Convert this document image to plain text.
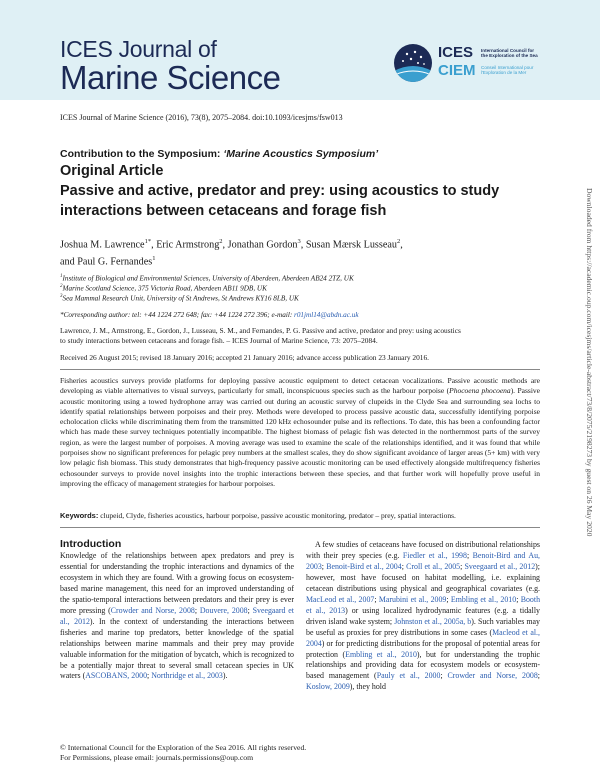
ICES Journal of
Marine Science
ICES
CIEM
International Council for
the Exploration of the Sea
Conseil International pour
l'Exploration de la Mer
ICES Journal of Marine Science (2016), 73(8), 2075–2084. doi:10.1093/icesjms/fsw013
Contribution to the Symposium: ‘Marine Acoustics Symposium’
Original Article
Passive and active, predator and prey: using acoustics to study interactions between cetaceans and forage fish
Joshua M. Lawrence$^{1*}$, Eric Armstrong$^2$, Jonathan Gordon$^3$, Susan Mærsk Lusseau$^2$,
and Paul G. Fernandes$^1$
$^1$Institute of Biological and Environmental Sciences, University of Aberdeen, Aberdeen AB24 2TZ, UK
$^2$Marine Scotland Science, 375 Victoria Road, Aberdeen AB11 9DB, UK
$^3$Sea Mammal Research Unit, University of St Andrews, St Andrews KY16 8LB, UK
*Corresponding author: tel: +44 1224 272 648; fax: +44 1224 272 396; e-mail: r01jml14@abdn.ac.uk
Lawrence, J. M., Armstrong, E., Gordon, J., Lusseau, S. M., and Fernandes, P. G. Passive and active, predator and prey: using acoustics
to study interactions between cetaceans and forage fish. – ICES Journal of Marine Science, 73: 2075–2084.
Received 26 August 2015; revised 18 January 2016; accepted 21 January 2016; advance access publication 23 January 2016.
Fisheries acoustics surveys provide platforms for deploying passive acoustic equipment to detect cetacean vocalizations. Passive acoustic methods are developing as viable alternatives to visual surveys, particularly for small, inconspicuous species such as the harbour porpoise (Phocoena phocoena). Passive acoustic monitoring using a towed hydrophone array was carried out during an acoustic survey of clupeids in the Clyde Sea and surrounding sea lochs to identify spatial relationships between porpoises and their prey. Methods were developed to process passive acoustic data, successfully identifying porpoise echolocation clicks while discriminating them from the transmitted 120 kHz echosounder pulse and its reflections. To date, this has been a confounding factor which has made these survey techniques potentially incompatible. The highest biomass of pelagic fish was detected in the northernmost parts of the survey region, as were the largest number of porpoises. A moving average was used to examine the scale of the relationships identified, and it was found that while porpoises show no significant preferences for pelagic prey numbers at the smallest scales, they do show significant avoidance of larger areas (5+ km) with very low pelagic fish biomass. This study demonstrates that high-frequency passive acoustic monitoring can be used effectively alongside multifrequency fisheries echosounder surveys to provide novel insights into the trophic interactions between these species, and that further work will hopefully prove useful in improving the efficacy of management strategies for harbour porpoises.
Keywords: clupeid, Clyde, fisheries acoustics, harbour porpoise, passive acoustic monitoring, predator – prey, spatial interactions.
Introduction

Knowledge of the relationships between apex predators and prey is essential for understanding the trophic interactions and dynamics of the ecosystem in which they are found. With a growing focus on ecosystem-based marine management, this need for an improved understanding of the spatio-temporal interactions between predators and their prey is ever more pressing (Crowder and Norse, 2008; Douvere, 2008; Sveegaard et al., 2012). In the context of understanding the interactions between fisheries and marine top predators, better knowledge of the spatial relationships between marine mammals and their prey may provide valuable information for the mitigation of bycatch, which is recognized to be a potentially major threat to several small cetacean species in UK waters (ASCOBANS, 2000; Northridge et al., 2003).

A few studies of cetaceans have focused on distributional relationships with their prey species (e.g. Fiedler et al., 1998; Benoit-Bird and Au, 2003; Benoit-Bird et al., 2004; Croll et al., 2005; Sveegaard et al., 2012); however, most have focused on habitat modelling, i.e. explaining cetacean distributions using physical and geographical covariates (e.g. MacLeod et al., 2007; Marubini et al., 2009; Embling et al., 2010; Booth et al., 2013) or using localized hydrodynamic features (e.g. a tidally driven island wake system; Johnston et al., 2005a, b). Such variables may be useful as proxies for prey distributions in some cases (Macleod et al., 2004) or for predicting distributions for the proposal of potential areas for protection (Embling et al., 2010), but for understanding the trophic relationships and providing data for ecosystem models or ecosystem-based management (Pauly et al., 2000; Crowder and Norse, 2008; Koslow, 2009), they hold

© International Council for the Exploration of the Sea 2016. All rights reserved.
For Permissions, please email: journals.permissions@oup.com
Downloaded from https://academic.oup.com/icesjms/article-abstract/73/8/2075/2198273 by guest on 26 May 2020
